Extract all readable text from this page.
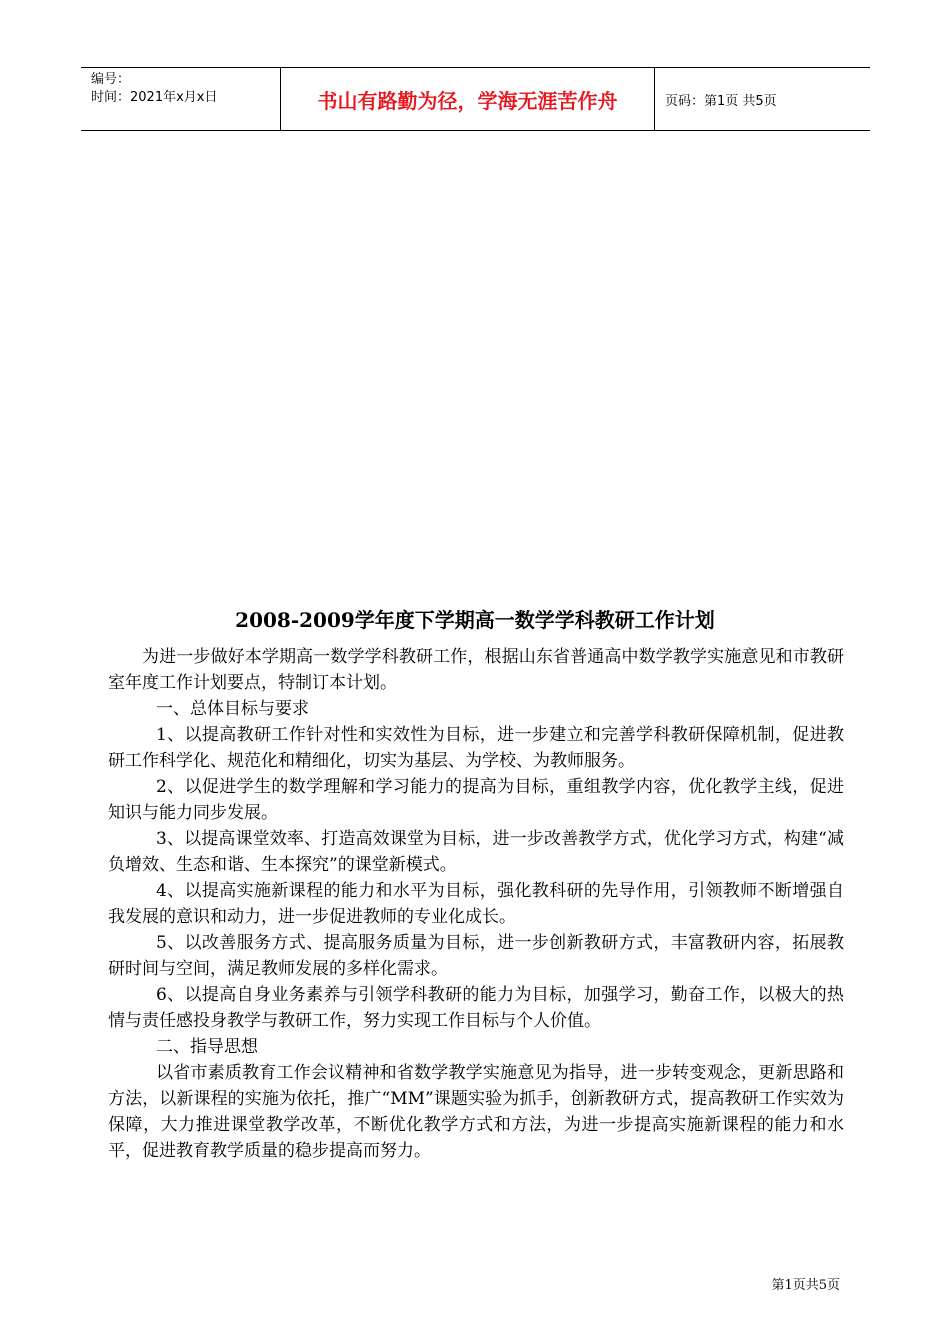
编号：
时间：2021年x月x日	书山有路勤为径，学海无涯苦作舟	页码：第1页 共5页
2008-2009学年度下学期高一数学学科教研工作计划

为进一步做好本学期高一数学学科教研工作，根据山东省普通高中数学教学实施意见和市教研室年度工作计划要点，特制订本计划。

一、总体目标与要求

1、以提高教研工作针对性和实效性为目标，进一步建立和完善学科教研保障机制，促进教研工作科学化、规范化和精细化，切实为基层、为学校、为教师服务。

2、以促进学生的数学理解和学习能力的提高为目标，重组教学内容，优化教学主线，促进知识与能力同步发展。

3、以提高课堂效率、打造高效课堂为目标，进一步改善教学方式，优化学习方式，构建“减负增效、生态和谐、生本探究”的课堂新模式。

4、以提高实施新课程的能力和水平为目标，强化教科研的先导作用，引领教师不断增强自我发展的意识和动力，进一步促进教师的专业化成长。

5、以改善服务方式、提高服务质量为目标，进一步创新教研方式，丰富教研内容，拓展教研时间与空间，满足教师发展的多样化需求。

6、以提高自身业务素养与引领学科教研的能力为目标，加强学习，勤奋工作，以极大的热情与责任感投身教学与教研工作，努力实现工作目标与个人价值。

二、指导思想

以省市素质教育工作会议精神和省数学教学实施意见为指导，进一步转变观念，更新思路和方法，以新课程的实施为依托，推广“MM”课题实验为抓手，创新教研方式，提高教研工作实效为保障，大力推进课堂教学改革，不断优化教学方式和方法，为进一步提高实施新课程的能力和水平，促进教育教学质量的稳步提高而努力。

第1页共5页
